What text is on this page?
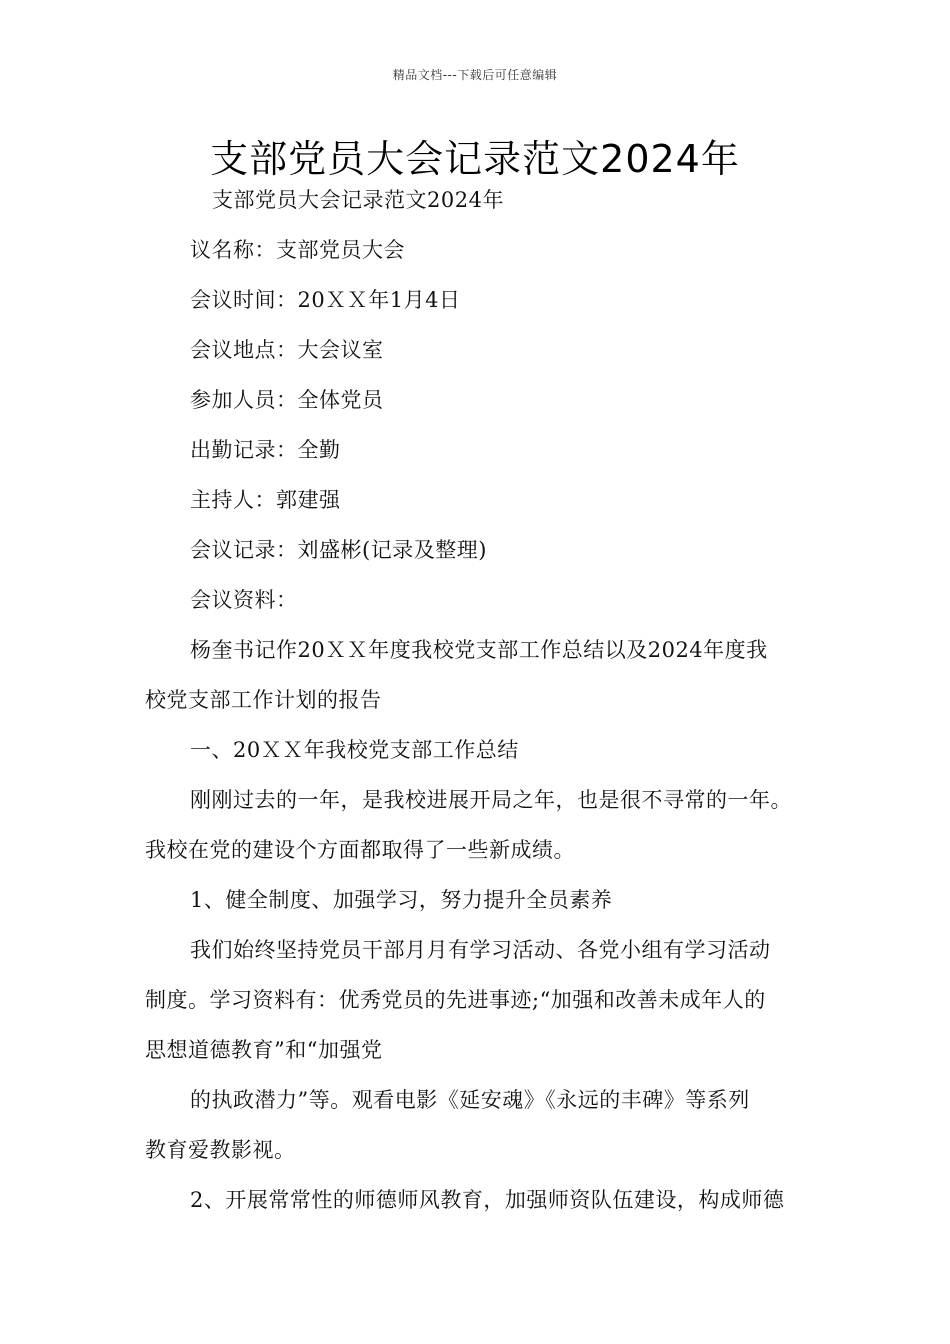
精品文档---下载后可任意编辑
支部党员大会记录范文2024年
支部党员大会记录范文2024年
议名称：支部党员大会
会议时间：20ＸＸ年1月4日
会议地点：大会议室
参加人员：全体党员
出勤记录：全勤
主持人：郭建强
会议记录：刘盛彬(记录及整理)
会议资料：
杨奎书记作20ＸＸ年度我校党支部工作总结以及2024年度我
校党支部工作计划的报告
一、20ＸＸ年我校党支部工作总结
刚刚过去的一年，是我校进展开局之年，也是很不寻常的一年。
我校在党的建设个方面都取得了一些新成绩。
1、健全制度、加强学习，努力提升全员素养
我们始终坚持党员干部月月有学习活动、各党小组有学习活动
制度。学习资料有：优秀党员的先进事迹;“加强和改善未成年人的
思想道德教育”和“加强党
的执政潜力”等。观看电影《延安魂》《永远的丰碑》等系列
教育爱教影视。
2、开展常常性的师德师风教育，加强师资队伍建设，构成师德
